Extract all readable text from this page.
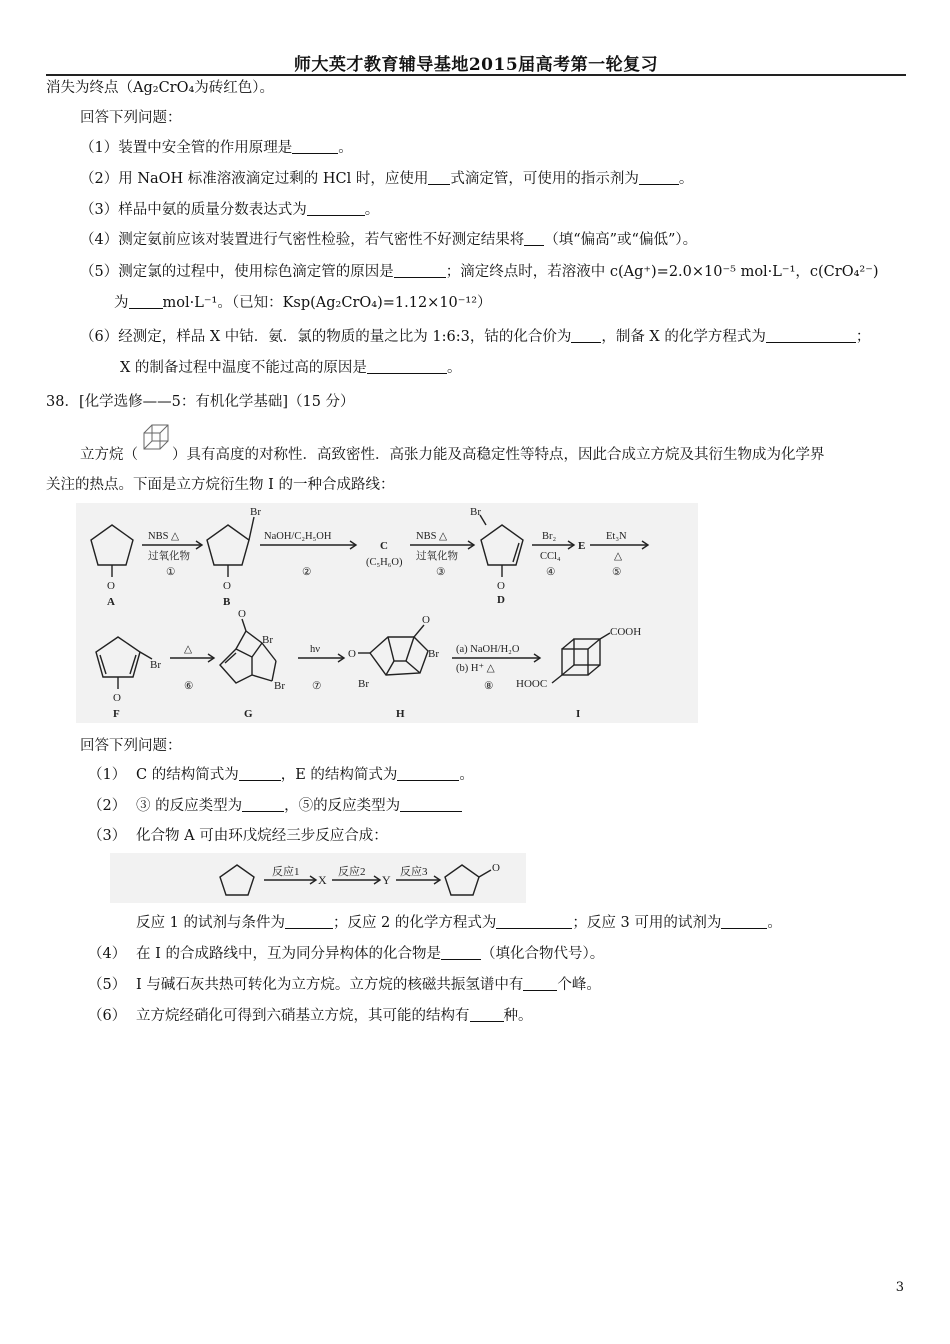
师大英才教育辅导基地2015届高考第一轮复习
消失为终点（Ag₂CrO₄为砖红色）。
回答下列问题：
（1）装置中安全管的作用原理是	。
（2）用 NaOH 标准溶液滴定过剩的 HCl 时，应使用 式滴定管，可使用的指示剂为	。
（3）样品中氨的质量分数表达式为	。
（4）测定氨前应该对装置进行气密性检验，若气密性不好测定结果将 （填“偏高”或“偏低”）。
（5）测定氯的过程中，使用棕色滴定管的原因是	；滴定终点时，若溶液中 c(Ag⁺)=2.0×10⁻⁵ mol·L⁻¹，c(CrO₄²⁻)
为 mol·L⁻¹。（已知：Ksp(Ag₂CrO₄)=1.12×10⁻¹²）
（6）经测定，样品 X 中钴．氨．氯的物质的量之比为 1:6:3，钴的化合价为 ，制备 X 的化学方程式为	；
X 的制备过程中温度不能过高的原因是	。
38．[化学选修——5：有机化学基础]（15 分）
立方烷（ ）具有高度的对称性．高致密性．高张力能及高稳定性等特点，因此合成立方烷及其衍生物成为化学界
关注的热点。下面是立方烷衍生物 I 的一种合成路线：
O	O
Br
O
Br
O
Br
O
Br
Br
O
O
Br
Br
COOH
HOOC
A	B
C
D
E
F	G	H	I
(C₅H₆O)
NBS △
过氧化物
①
NaOH/C₂H₅OH
②
NBS △
过氧化物
③
Br₂
CCl₄
④
Et₃N
△
⑤
△
⑥
hν
⑦
(a) NaOH/H₂O
(b) H⁺ △
⑧
回答下列问题：
（1） C 的结构简式为	，E 的结构简式为	。
（2） ③ 的反应类型为	，⑤的反应类型为
（3） 化合物 A 可由环戊烷经三步反应合成：
反应1
X
反应2
Y
反应3	O
反应 1 的试剂与条件为	；反应 2 的化学方程式为	；反应 3 可用的试剂为	。
（4） 在 I 的合成路线中，互为同分异构体的化合物是	（填化合物代号）。
（5） I 与碱石灰共热可转化为立方烷。立方烷的核磁共振氢谱中有 个峰。
（6） 立方烷经硝化可得到六硝基立方烷，其可能的结构有 种。
3
